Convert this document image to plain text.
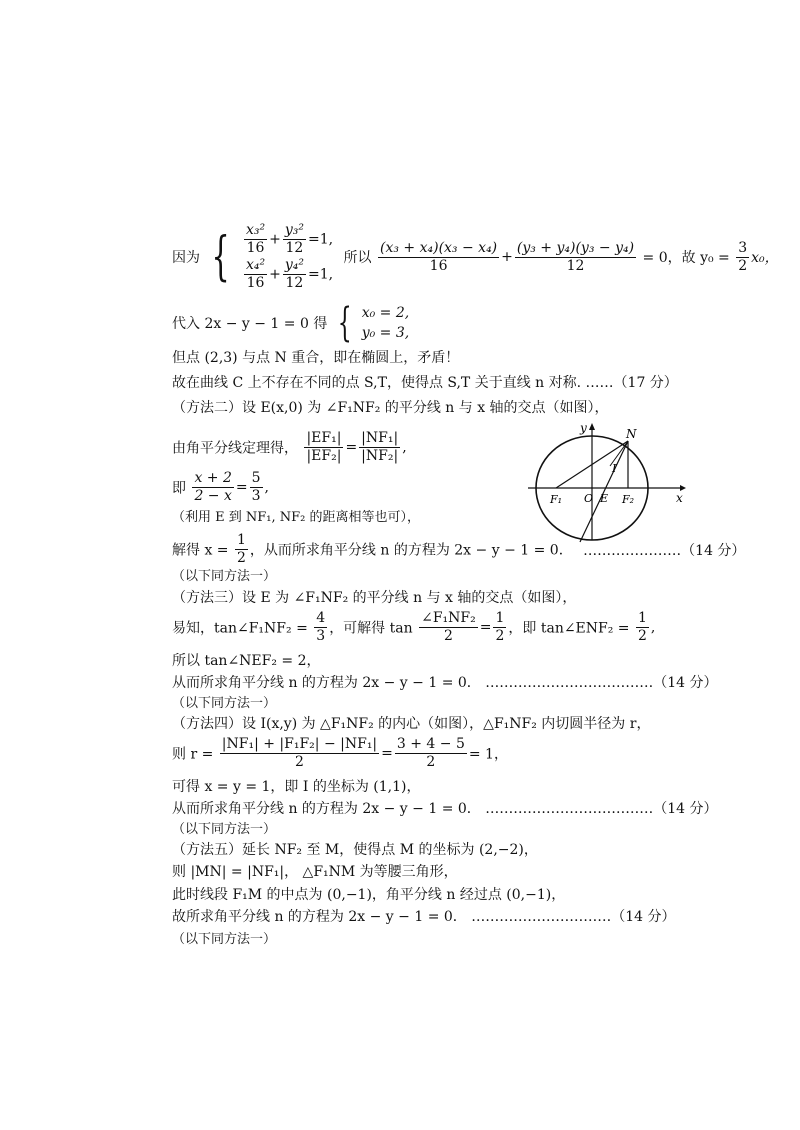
因为 { $\frac{\text{x₃²}}{16} + \frac{\text{y₃²}}{12} =1$,
$\frac{\text{x₄²}}{16} + \frac{\text{y₄²}}{12} =1$,
所以 $\frac{\text{(x₃ + x₄)(x₃ − x₄)}}{16} + \frac{\text{(y₃ + y₄)(y₃ − y₄)}}{12} = 0$，故 $y_0 = \frac{3}{2} x_0$，
代入 2x − y − 1 = 0 得 { x₀ = 2,
y₀ = 3,
但点 (2,3) 与点 N 重合，即在椭圆上，矛盾！
故在曲线 C 上不存在不同的点 S,T，使得点 S,T 关于直线 n 对称. ……（17 分）
（方法二）设 E(x,0) 为 ∠F₁NF₂ 的平分线 n 与 x 轴的交点（如图），
由角平分线定理得， $\frac{\text{|EF₁|}}{\text{|EF₂|}} = \frac{\text{|NF₁|}}{\text{|NF₂|}}$ ,
即 $\frac{x + 2}{2 - x} = \frac{5}{3}$ ,
（利用 E 到 NF₁, NF₂ 的距离相等也可），
解得 $x = \frac{1}{2}$ ，从而所求角平分线 n 的方程为 2x − y − 1 = 0． …………………（14 分）
（以下同方法一）
（方法三）设 E 为 ∠F₁NF₂ 的平分线 n 与 x 轴的交点（如图），
易知，tan∠F₁NF₂ = $\frac{4}{3}$ ，可解得 $\tan \frac{\text{∠F₁NF₂}}{2} = \frac{1}{2}$ ，即 tan∠ENF₂ = $\frac{1}{2}$ ,
所以 tan∠NEF₂ = 2，
从而所求角平分线 n 的方程为 2x − y − 1 = 0． ………………………………（14 分）
（以下同方法一）
（方法四）设 I(x,y) 为 △F₁NF₂ 的内心（如图），△F₁NF₂ 内切圆半径为 r，
则 $r = \frac{\text{|NF₁| + |F₁F₂| − |NF₁|}}{2} = \frac{3 + 4 - 5}{2} = 1$，
可得 x = y = 1，即 I 的坐标为 (1,1)，
从而所求角平分线 n 的方程为 2x − y − 1 = 0． ………………………………（14 分）
（以下同方法一）
（方法五）延长 NF₂ 至 M，使得点 M 的坐标为 (2,−2)，
则 |MN| = |NF₁|， △F₁NM 为等腰三角形，
此时线段 F₁M 的中点为 (0,−1)，角平分线 n 经过点 (0,−1)，
故所求角平分线 n 的方程为 2x − y − 1 = 0． …………………………（14 分）
（以下同方法一）
y
x
N
I
F₁ O E F₂
